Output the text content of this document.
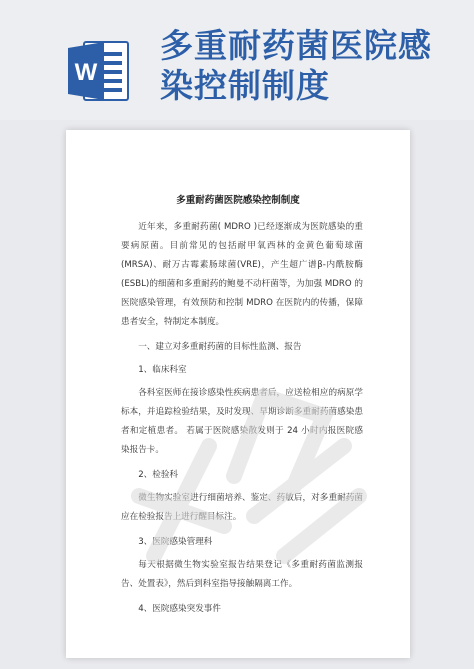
W
多重耐药菌医院感染控制制度
多重耐药菌医院感染控制制度

近年来，多重耐药菌( MDRO )已经逐渐成为医院感染的重要病原菌。目前常见的包括耐甲氧西林的金黄色葡萄球菌(MRSA)、耐万古霉素肠球菌(VRE)，产生超广谱β-内酰胺酶(ESBL)的细菌和多重耐药的鲍曼不动杆菌等，为加强 MDRO 的医院感染管理，有效预防和控制 MDRO 在医院内的传播，保障患者安全，特制定本制度。

一、建立对多重耐药菌的目标性监测、报告

1、临床科室

各科室医师在接诊感染性疾病患者后，应送检相应的病原学标本，并追踪检验结果，及时发现、早期诊断多重耐药菌感染患者和定植患者。 若属于医院感染散发则于 24 小时内报医院感染报告卡。

2、检验科

微生物实验室进行细菌培养、鉴定、药敏后，对多重耐药菌应在检验报告上进行醒目标注。

3、医院感染管理科

每天根据微生物实验室报告结果登记《多重耐药菌监测报告、处置表》，然后到科室指导接触隔离工作。

4、医院感染突发事件
